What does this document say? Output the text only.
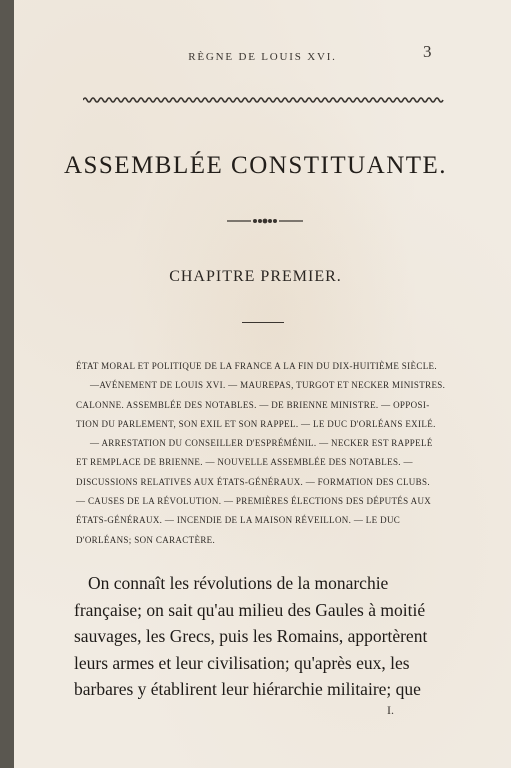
RÈGNE DE LOUIS XVI.	3
ASSEMBLÉE CONSTITUANTE.
CHAPITRE PREMIER.
ÉTAT MORAL ET POLITIQUE DE LA FRANCE A LA FIN DU DIX-HUITIÈME SIÈCLE.
—AVÉNEMENT DE LOUIS XVI. — MAUREPAS, TURGOT ET NECKER MINISTRES.
CALONNE. ASSEMBLÉE DES NOTABLES. — DE BRIENNE MINISTRE. — OPPOSI-
TION DU PARLEMENT, SON EXIL ET SON RAPPEL. — LE DUC D'ORLÉANS EXILÉ.
— ARRESTATION DU CONSEILLER D'ESPRÉMÉNIL. — NECKER EST RAPPELÉ
ET REMPLACE DE BRIENNE. — NOUVELLE ASSEMBLÉE DES NOTABLES. —
DISCUSSIONS RELATIVES AUX ÉTATS-GÉNÉRAUX. — FORMATION DES CLUBS.
— CAUSES DE LA RÉVOLUTION. — PREMIÈRES ÉLECTIONS DES DÉPUTÉS AUX
ÉTATS-GÉNÉRAUX. — INCENDIE DE LA MAISON RÉVEILLON. — LE DUC
D'ORLÉANS; SON CARACTÈRE.
On connaît les révolutions de la monarchie
française; on sait qu'au milieu des Gaules à moitié
sauvages, les Grecs, puis les Romains, apportèrent
leurs armes et leur civilisation; qu'après eux, les
barbares y établirent leur hiérarchie militaire; que
I.
